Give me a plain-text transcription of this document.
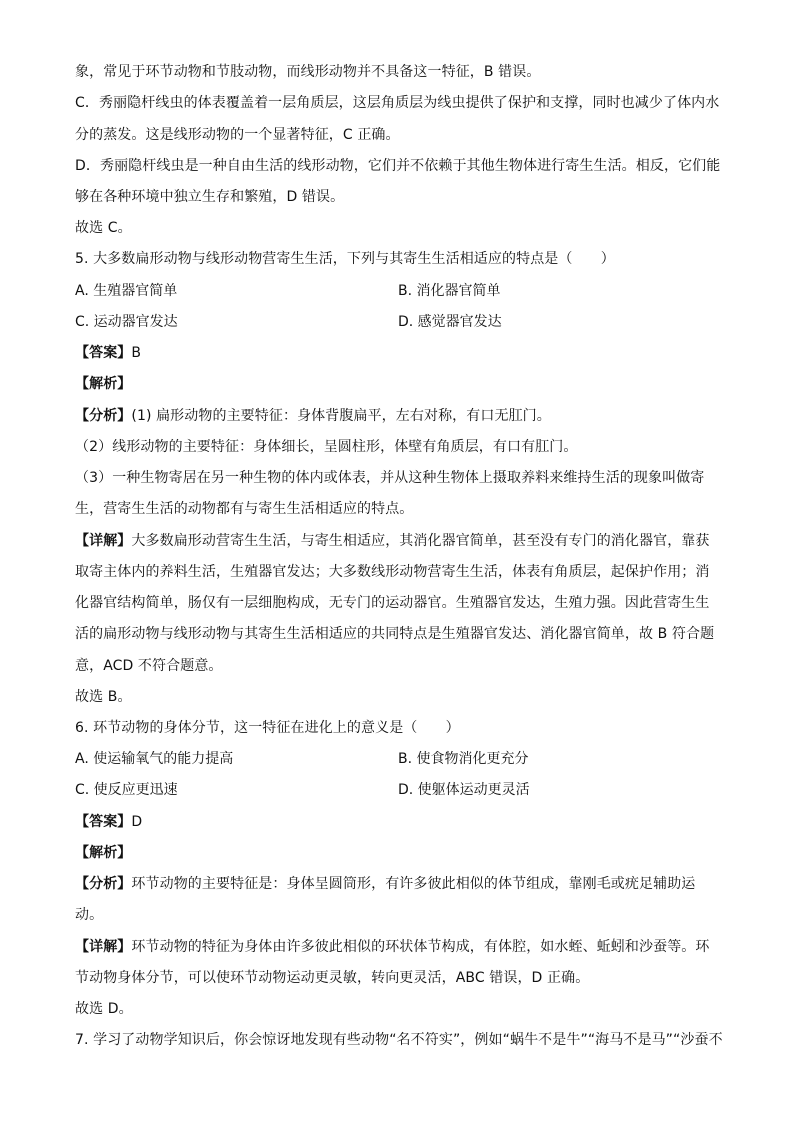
象，常见于环节动物和节肢动物，而线形动物并不具备这一特征，B 错误。
C．秀丽隐杆线虫的体表覆盖着一层角质层，这层角质层为线虫提供了保护和支撑，同时也减少了体内水
分的蒸发。这是线形动物的一个显著特征，C 正确。
D．秀丽隐杆线虫是一种自由生活的线形动物，它们并不依赖于其他生物体进行寄生生活。相反，它们能
够在各种环境中独立生存和繁殖，D 错误。
故选 C。
5. 大多数扁形动物与线形动物营寄生生活，下列与其寄生生活相适应的特点是（　　）
A. 生殖器官简单	B. 消化器官简单
C. 运动器官发达	D. 感觉器官发达
【答案】B
【解析】
【分析】(1) 扁形动物的主要特征：身体背腹扁平，左右对称，有口无肛门。
（2）线形动物的主要特征：身体细长，呈圆柱形，体壁有角质层，有口有肛门。
（3）一种生物寄居在另一种生物的体内或体表，并从这种生物体上摄取养料来维持生活的现象叫做寄
生，营寄生生活的动物都有与寄生生活相适应的特点。
【详解】大多数扁形动营寄生生活，与寄生相适应，其消化器官简单，甚至没有专门的消化器官，靠获
取寄主体内的养料生活，生殖器官发达；大多数线形动物营寄生生活，体表有角质层，起保护作用；消
化器官结构简单，肠仅有一层细胞构成，无专门的运动器官。生殖器官发达，生殖力强。因此营寄生生
活的扁形动物与线形动物与其寄生生活相适应的共同特点是生殖器官发达、消化器官简单，故 B 符合题
意，ACD 不符合题意。
故选 B。
6. 环节动物的身体分节，这一特征在进化上的意义是（　　）
A. 使运输氧气的能力提高	B. 使食物消化更充分
C. 使反应更迅速	D. 使躯体运动更灵活
【答案】D
【解析】
【分析】环节动物的主要特征是：身体呈圆筒形，有许多彼此相似的体节组成，靠刚毛或疣足辅助运
动。
【详解】环节动物的特征为身体由许多彼此相似的环状体节构成，有体腔，如水蛭、蚯蚓和沙蚕等。环
节动物身体分节，可以使环节动物运动更灵敏，转向更灵活，ABC 错误，D 正确。
故选 D。
7. 学习了动物学知识后，你会惊讶地发现有些动物“名不符实”，例如“蜗牛不是牛”“海马不是马”“沙蚕不
